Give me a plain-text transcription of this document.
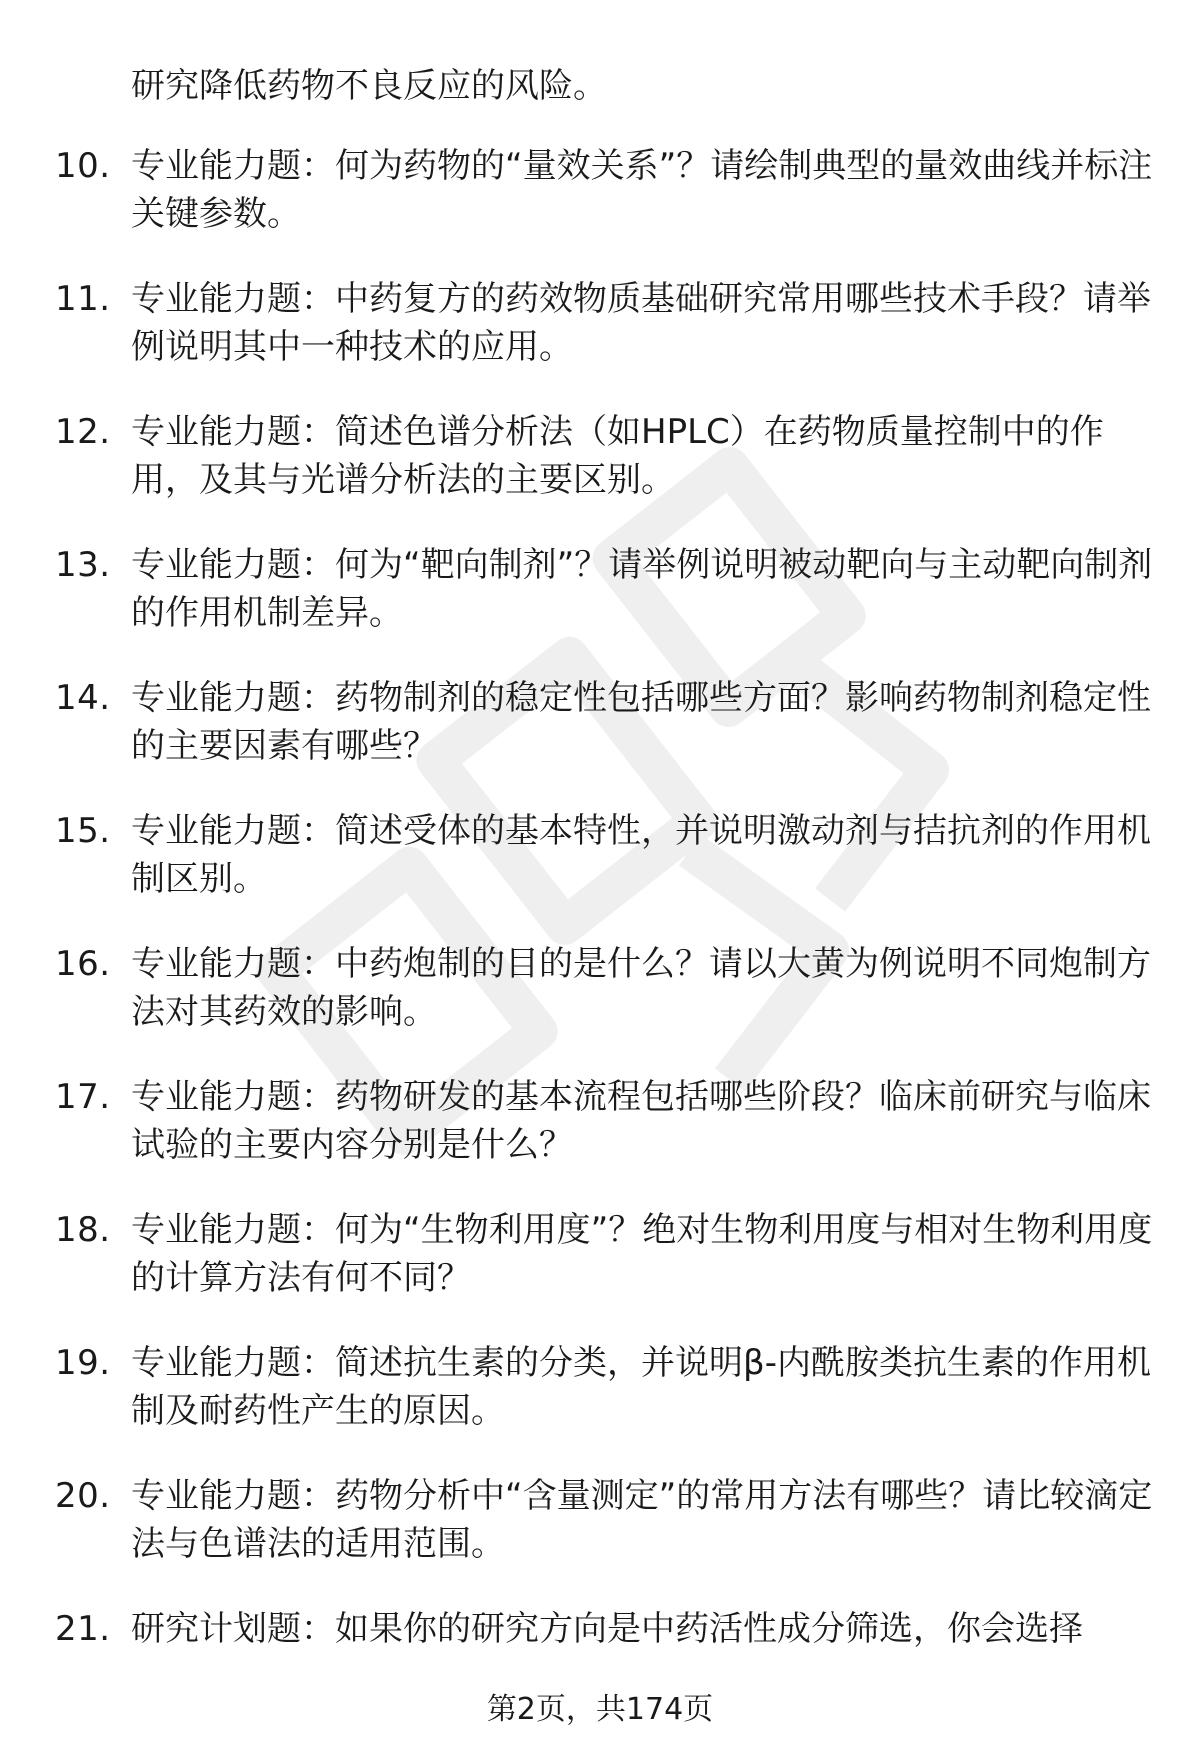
研究降低药物不良反应的风险。

10. 专业能力题：何为药物的“量效关系”？请绘制典型的量效曲线并标注关键参数。

11. 专业能力题：中药复方的药效物质基础研究常用哪些技术手段？请举例说明其中一种技术的应用。

12. 专业能力题：简述色谱分析法（如HPLC）在药物质量控制中的作用，及其与光谱分析法的主要区别。

13. 专业能力题：何为“靶向制剂”？请举例说明被动靶向与主动靶向制剂的作用机制差异。

14. 专业能力题：药物制剂的稳定性包括哪些方面？影响药物制剂稳定性的主要因素有哪些？

15. 专业能力题：简述受体的基本特性，并说明激动剂与拮抗剂的作用机制区别。

16. 专业能力题：中药炮制的目的是什么？请以大黄为例说明不同炮制方法对其药效的影响。

17. 专业能力题：药物研发的基本流程包括哪些阶段？临床前研究与临床试验的主要内容分别是什么？

18. 专业能力题：何为“生物利用度”？绝对生物利用度与相对生物利用度的计算方法有何不同？

19. 专业能力题：简述抗生素的分类，并说明β-内酰胺类抗生素的作用机制及耐药性产生的原因。

20. 专业能力题：药物分析中“含量测定”的常用方法有哪些？请比较滴定法与色谱法的适用范围。

21. 研究计划题：如果你的研究方向是中药活性成分筛选，你会选择

第2页，共174页
